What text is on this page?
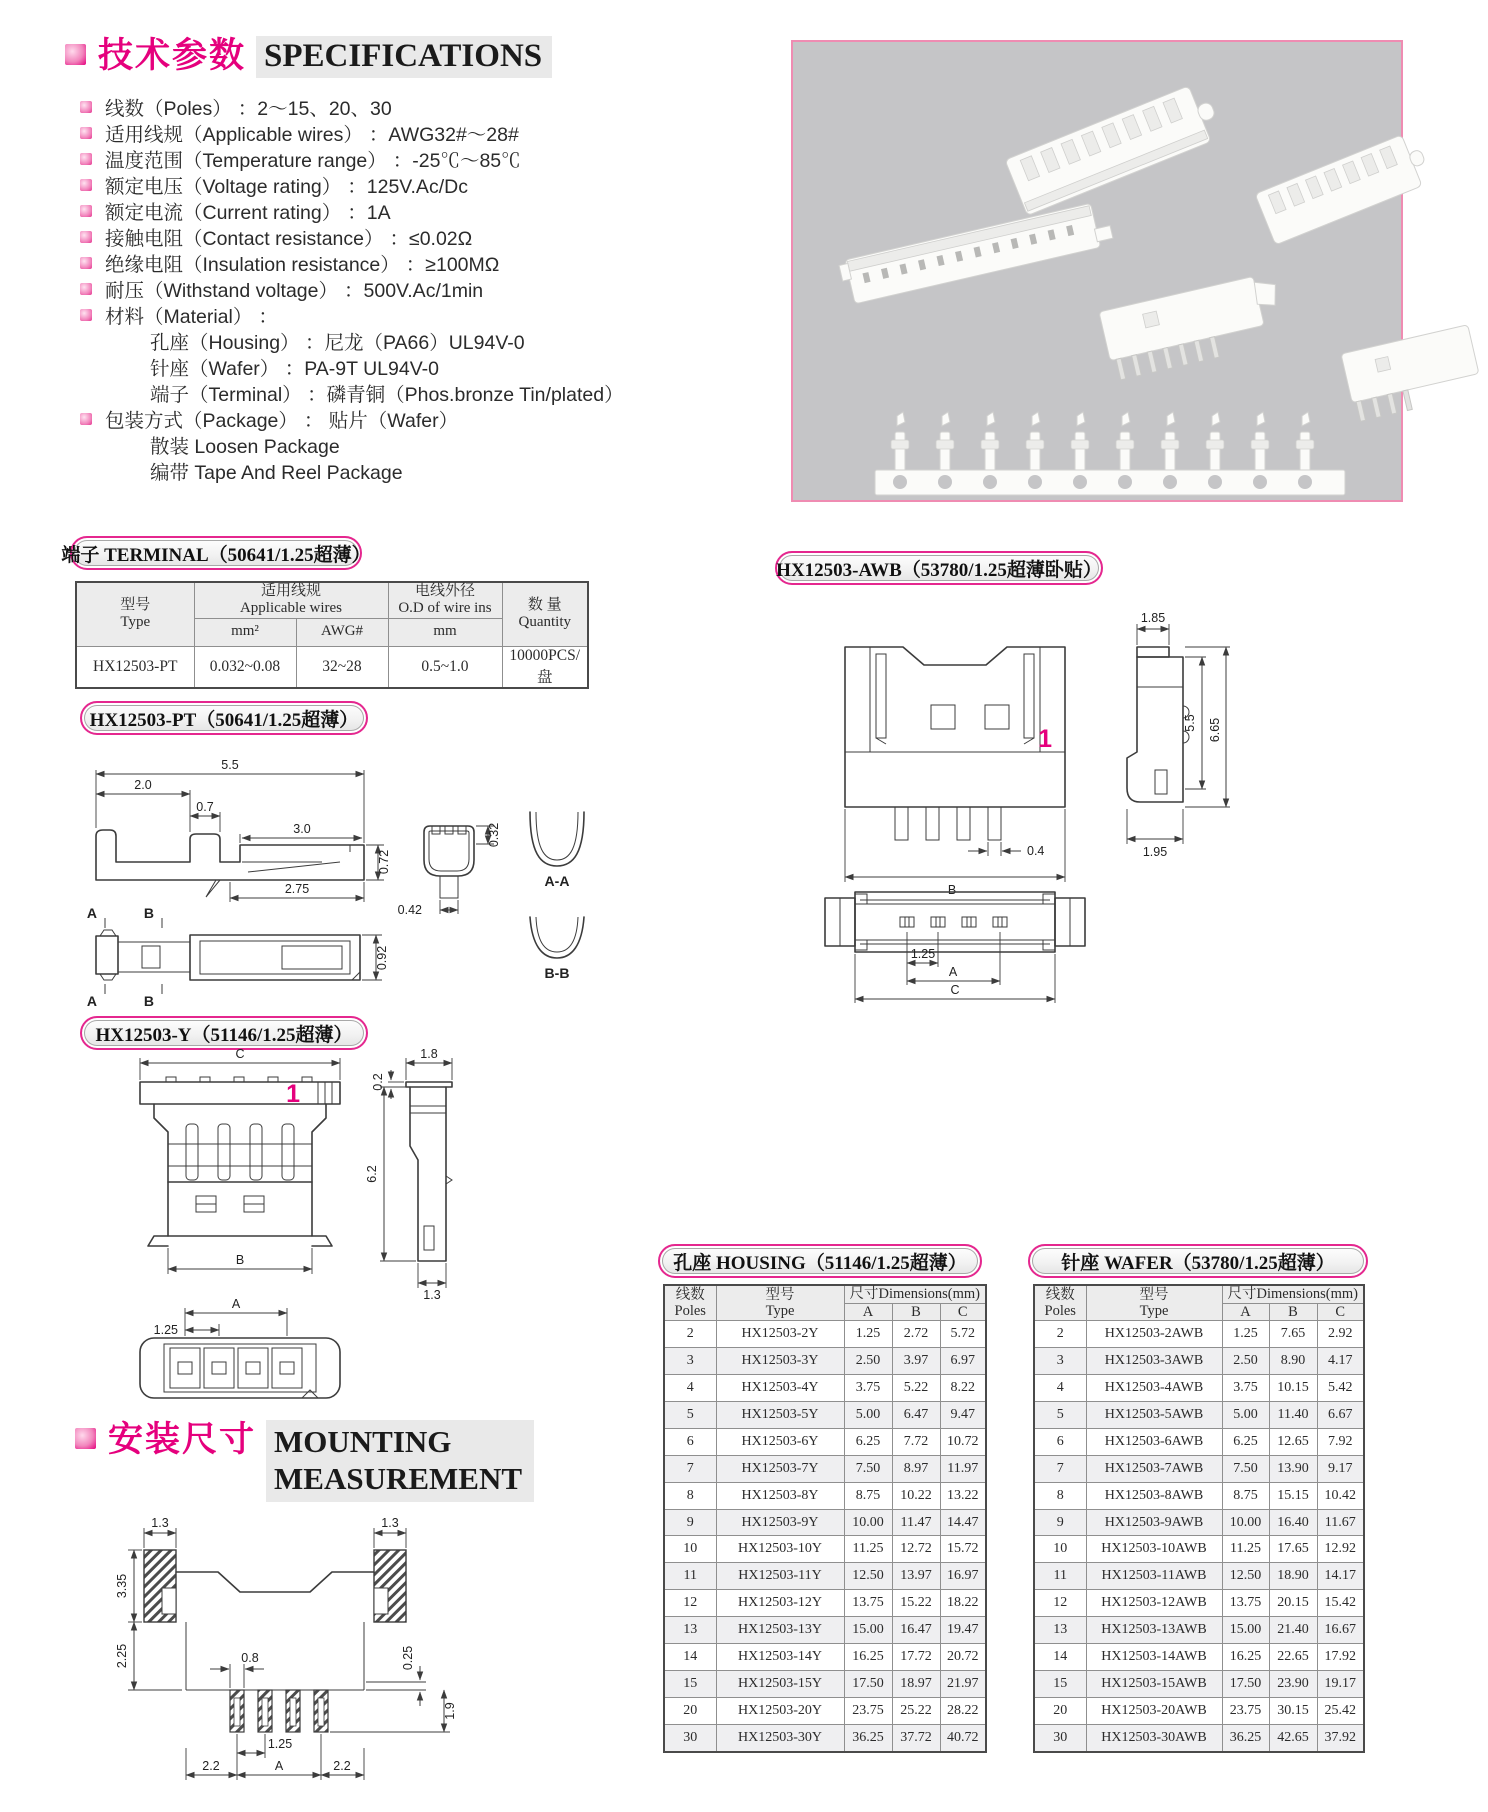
技术参数 SPECIFICATIONS
线数（Poles） ：2～15、20、30
适用线规（Applicable wires） ：AWG32#～28#
温度范围（Temperature range） ：-25℃～85℃
额定电压（Voltage rating） ：125V.Ac/Dc
额定电流（Current rating） ：1A
接触电阻（Contact resistance） ：≤0.02Ω
绝缘电阻（Insulation resistance） ：≥100MΩ
耐压（Withstand voltage） ：500V.Ac/1min
材料（Material） ：
孔座（Housing） ：尼龙（PA66）UL94V-0
针座（Wafer） ：PA-9T UL94V-0
端子（Terminal） ：磷青铜（Phos.bronze Tin/plated）
包装方式（Package） ： 贴片（Wafer）
散装 Loosen Package
编带 Tape And Reel Package
端子 TERMINAL（50641/1.25超薄）
型号
Type	适用线规
Applicable wires		电线外径
O.D of wire ins	数 量
Quantity

	mm²	AWG#	mm	
HX12503-PT	0.032~0.08	32~28	0.5~1.0	10000PCS/盘
HX12503-AWB（53780/1.25超薄卧贴）
1
0.4
B
1.85
5.5 6.65
1.95
1.25
A
C
HX12503-PT（50641/1.25超薄）
5.5
2.0
0.7
3.0
0.72
2.75
0.42
0.32
A-A
B-B
0.92
A	B
A	B
HX12503-Y（51146/1.25超薄）
C
1
B
1.8
0.2
6.2
1.3
A
1.25
安装尺寸 MOUNTING
MEASUREMENT
1.3	1.3
3.35
2.25	0.8	0.25
1.9
1.25
2.2	A	2.2
孔座 HOUSING（51146/1.25超薄）
线数
Poles	型号
Type	尺寸Dimensions(mm)		
		A	B	C
2	HX12503-2Y	1.25	2.72	5.72
3	HX12503-3Y	2.50	3.97	6.97
4	HX12503-4Y	3.75	5.22	8.22
5	HX12503-5Y	5.00	6.47	9.47
6	HX12503-6Y	6.25	7.72	10.72
7	HX12503-7Y	7.50	8.97	11.97
8	HX12503-8Y	8.75	10.22	13.22
9	HX12503-9Y	10.00	11.47	14.47
10	HX12503-10Y	11.25	12.72	15.72
11	HX12503-11Y	12.50	13.97	16.97
12	HX12503-12Y	13.75	15.22	18.22
13	HX12503-13Y	15.00	16.47	19.47
14	HX12503-14Y	16.25	17.72	20.72
15	HX12503-15Y	17.50	18.97	21.97
20	HX12503-20Y	23.75	25.22	28.22
30	HX12503-30Y	36.25	37.72	40.72
针座 WAFER（53780/1.25超薄）
线数
Poles	型号
Type	尺寸Dimensions(mm)		
		A	B	C
2	HX12503-2AWB	1.25	7.65	2.92
3	HX12503-3AWB	2.50	8.90	4.17
4	HX12503-4AWB	3.75	10.15	5.42
5	HX12503-5AWB	5.00	11.40	6.67
6	HX12503-6AWB	6.25	12.65	7.92
7	HX12503-7AWB	7.50	13.90	9.17
8	HX12503-8AWB	8.75	15.15	10.42
9	HX12503-9AWB	10.00	16.40	11.67
10	HX12503-10AWB	11.25	17.65	12.92
11	HX12503-11AWB	12.50	18.90	14.17
12	HX12503-12AWB	13.75	20.15	15.42
13	HX12503-13AWB	15.00	21.40	16.67
14	HX12503-14AWB	16.25	22.65	17.92
15	HX12503-15AWB	17.50	23.90	19.17
20	HX12503-20AWB	23.75	30.15	25.42
30	HX12503-30AWB	36.25	42.65	37.92
